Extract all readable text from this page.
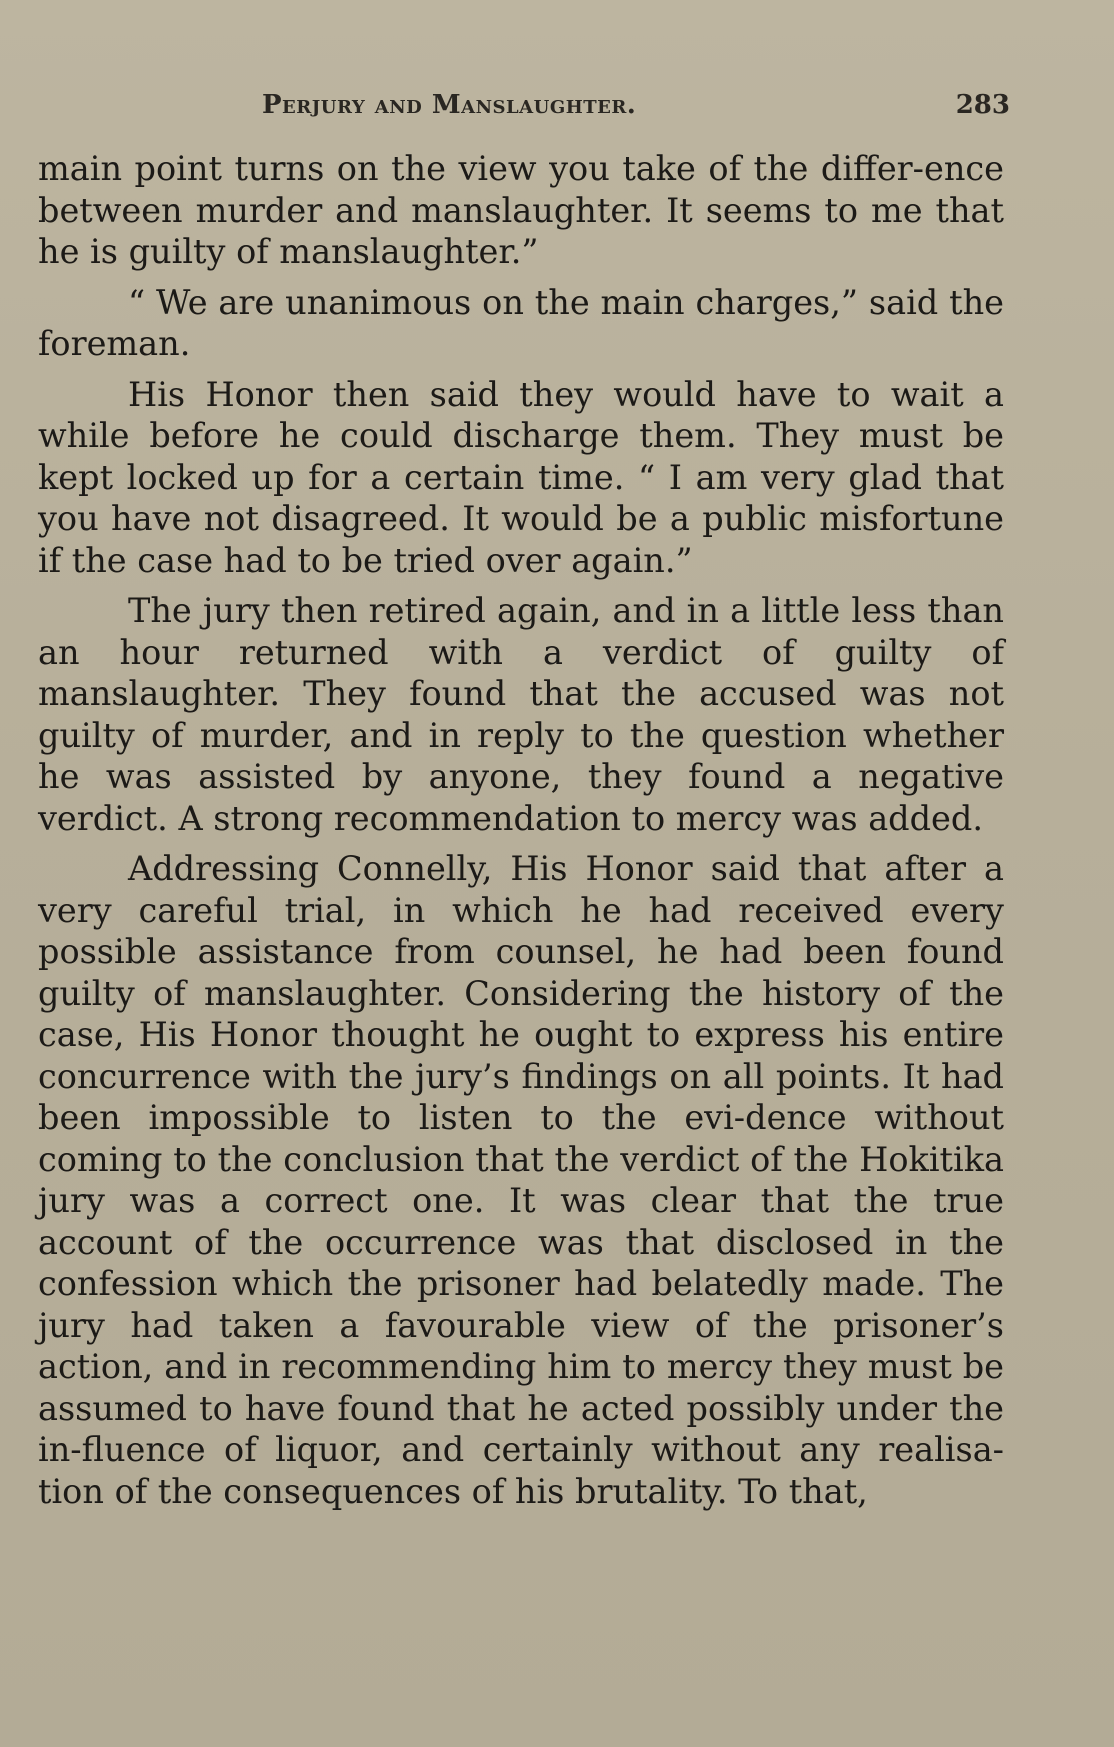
Perjury and Manslaughter.	283

main point turns on the view you take of the differ-ence between murder and manslaughter. It seems to me that he is guilty of manslaughter.”

“ We are unanimous on the main charges,” said the foreman.

His Honor then said they would have to wait a while before he could discharge them. They must be kept locked up for a certain time. “ I am very glad that you have not disagreed. It would be a public misfortune if the case had to be tried over again.”

The jury then retired again, and in a little less than an hour returned with a verdict of guilty of manslaughter. They found that the accused was not guilty of murder, and in reply to the question whether he was assisted by anyone, they found a negative verdict. A strong recommendation to mercy was added.

Addressing Connelly, His Honor said that after a very careful trial, in which he had received every possible assistance from counsel, he had been found guilty of manslaughter. Considering the history of the case, His Honor thought he ought to express his entire concurrence with the jury’s findings on all points. It had been impossible to listen to the evi-dence without coming to the conclusion that the verdict of the Hokitika jury was a correct one. It was clear that the true account of the occurrence was that disclosed in the confession which the prisoner had belatedly made. The jury had taken a favourable view of the prisoner’s action, and in recommending him to mercy they must be assumed to have found that he acted possibly under the in-fluence of liquor, and certainly without any realisa-tion of the consequences of his brutality. To that,
